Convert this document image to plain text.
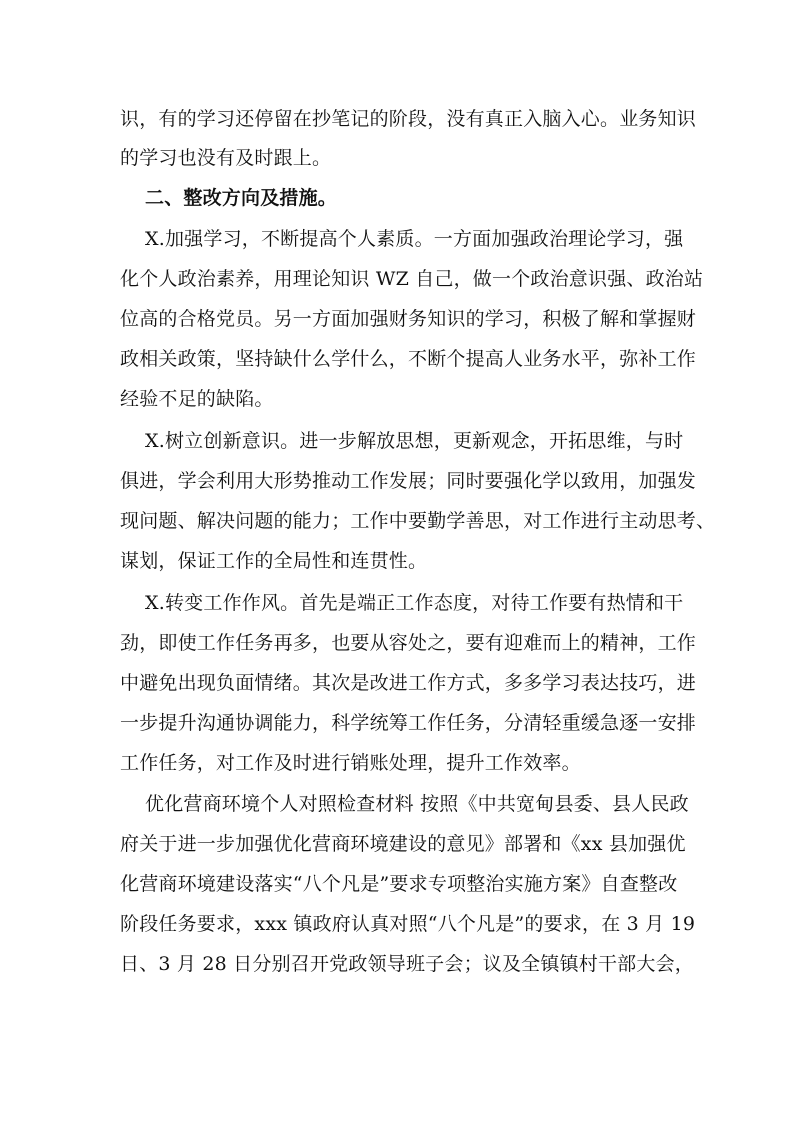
识，有的学习还停留在抄笔记的阶段，没有真正入脑入心。业务知识
的学习也没有及时跟上。
二、整改方向及措施。
X.加强学习，不断提高个人素质。一方面加强政治理论学习，强
化个人政治素养，用理论知识 WZ 自己，做一个政治意识强、政治站
位高的合格党员。另一方面加强财务知识的学习，积极了解和掌握财
政相关政策，坚持缺什么学什么，不断个提高人业务水平，弥补工作
经验不足的缺陷。
X.树立创新意识。进一步解放思想，更新观念，开拓思维，与时
俱进，学会利用大形势推动工作发展；同时要强化学以致用，加强发
现问题、解决问题的能力；工作中要勤学善思，对工作进行主动思考、
谋划，保证工作的全局性和连贯性。
X.转变工作作风。首先是端正工作态度，对待工作要有热情和干
劲，即使工作任务再多，也要从容处之，要有迎难而上的精神，工作
中避免出现负面情绪。其次是改进工作方式，多多学习表达技巧，进
一步提升沟通协调能力，科学统筹工作任务，分清轻重缓急逐一安排
工作任务，对工作及时进行销账处理，提升工作效率。
优化营商环境个人对照检查材料 按照《中共宽甸县委、县人民政
府关于进一步加强优化营商环境建设的意见》部署和《xx 县加强优
化营商环境建设落实“八个凡是”要求专项整治实施方案》自查整改
阶段任务要求，xxx 镇政府认真对照“八个凡是”的要求，在 3 月 19
日、3 月 28 日分别召开党政领导班子会；议及全镇镇村干部大会，
